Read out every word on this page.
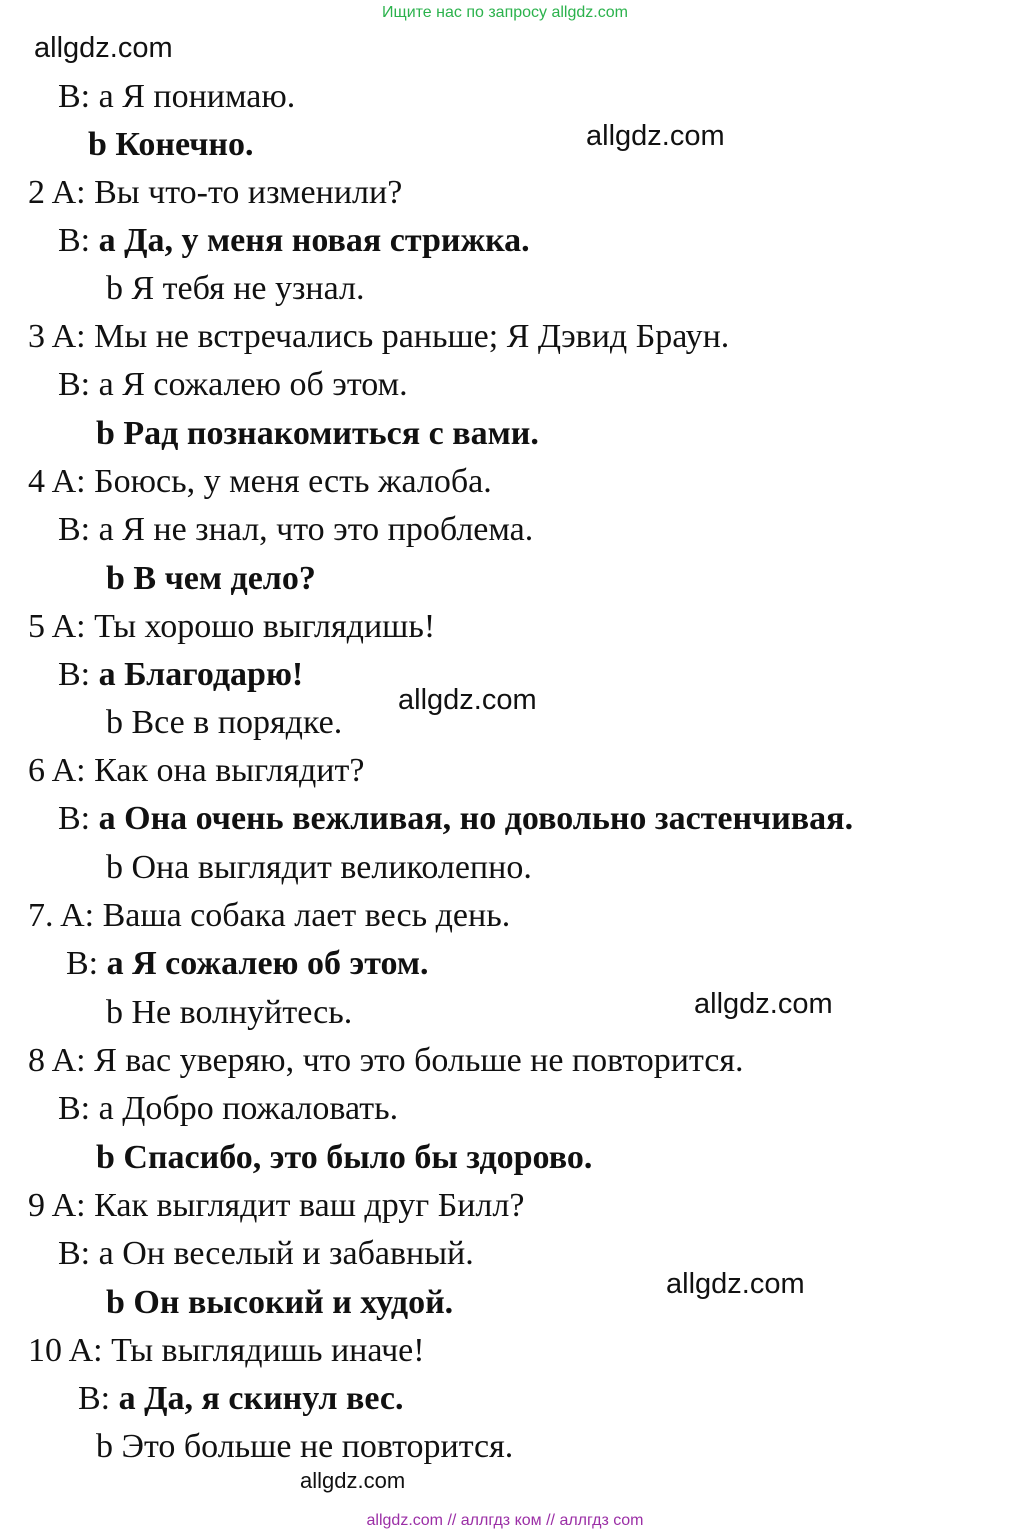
Ищите нас по запросу allgdz.com
allgdz.com
allgdz.com
allgdz.com
allgdz.com
allgdz.com
allgdz.com
B: а Я понимаю.
b Конечно.
2 A: Вы что-то изменили?
B: а Да, у меня новая стрижка.
b Я тебя не узнал.
3 A: Мы не встречались раньше; Я Дэвид Браун.
B: а Я сожалею об этом.
b Рад познакомиться с вами.
4 A: Боюсь, у меня есть жалоба.
B: а Я не знал, что это проблема.
b В чем дело?
5 A: Ты хорошо выглядишь!
B: а Благодарю!
b Все в порядке.
6 A: Как она выглядит?
B: а Она очень вежливая, но довольно застенчивая.
b Она выглядит великолепно.
7. A: Ваша собака лает весь день.
B: а Я сожалею об этом.
b Не волнуйтесь.
8 A: Я вас уверяю, что это больше не повторится.
B: а Добро пожаловать.
b Спасибо, это было бы здорово.
9 A: Как выглядит ваш друг Билл?
B: а Он веселый и забавный.
b Он высокий и худой.
10 A: Ты выглядишь иначе!
B: а Да, я скинул вес.
b Это больше не повторится.
allgdz.com // аллгдз ком // аллгдз com
